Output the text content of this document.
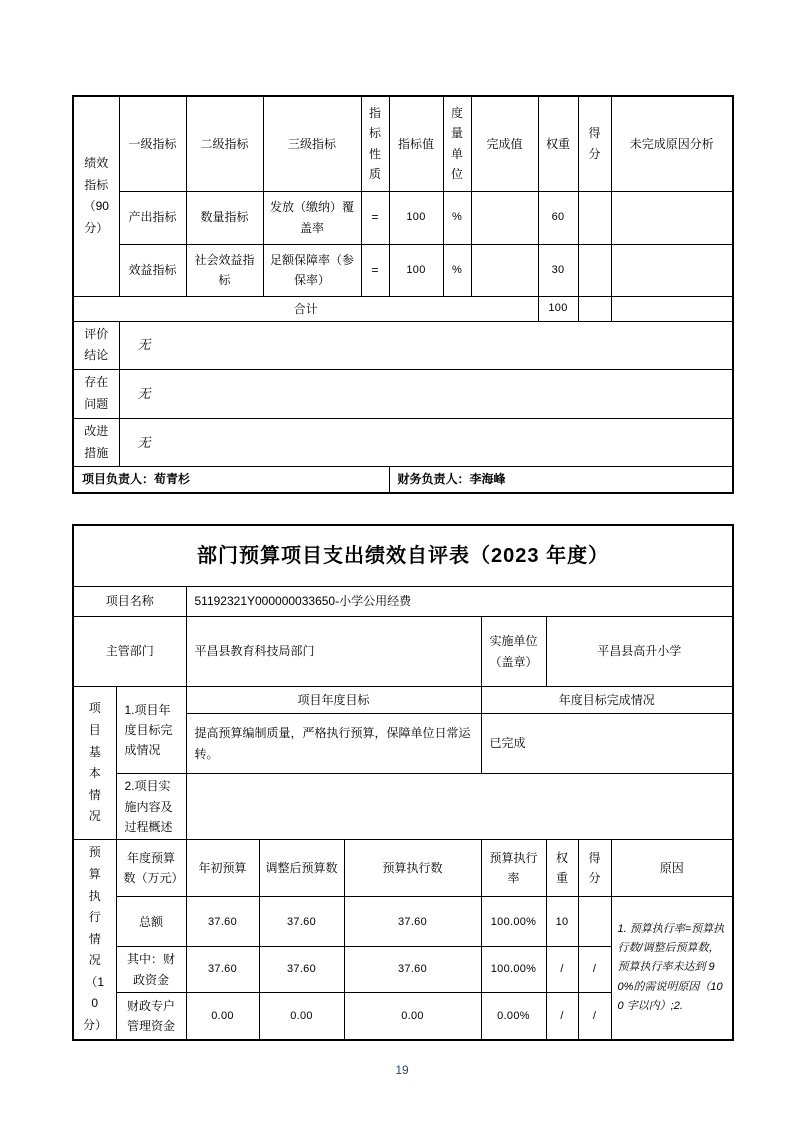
绩效指标（90分）	一级指标	二级指标	三级指标	指标性质	指标值	度量单位	完成值	权重	得分	未完成原因分析
	产出指标	数量指标	发放（缴纳）覆盖率	=	100	%		60		
	效益指标	社会效益指标	足额保障率（参保率）	=	100	%		30		
合计								100		
评价结论	无									
存在问题	无									
改进措施	无									
项目负责人：荀青杉					财务负责人：李海峰					
部门预算项目支出绩效自评表（2023 年度）								
项目名称		51192321Y000000033650-小学公用经费						
主管部门		平昌县教育科技局部门			实施单位（盖章）	平昌县高升小学		
项目基本情况	1.项目年度目标完成情况	项目年度目标			年度目标完成情况			
		提高预算编制质量，严格执行预算，保障单位日常运转。			已完成			
	2.项目实施内容及过程概述							
预算执行情况（10分）	年度预算数（万元）	年初预算	调整后预算数	预算执行数	预算执行率	权重	得分	原因
	总额	37.60	37.60	37.60	100.00%	10		1. 预算执行率=预算执行数/调整后预算数，预算执行率未达到 90%的需说明原因（100 字以内）;2.
	其中：财政资金	37.60	37.60	37.60	100.00%	/	/	
	财政专户管理资金	0.00	0.00	0.00	0.00%	/	/	
19
